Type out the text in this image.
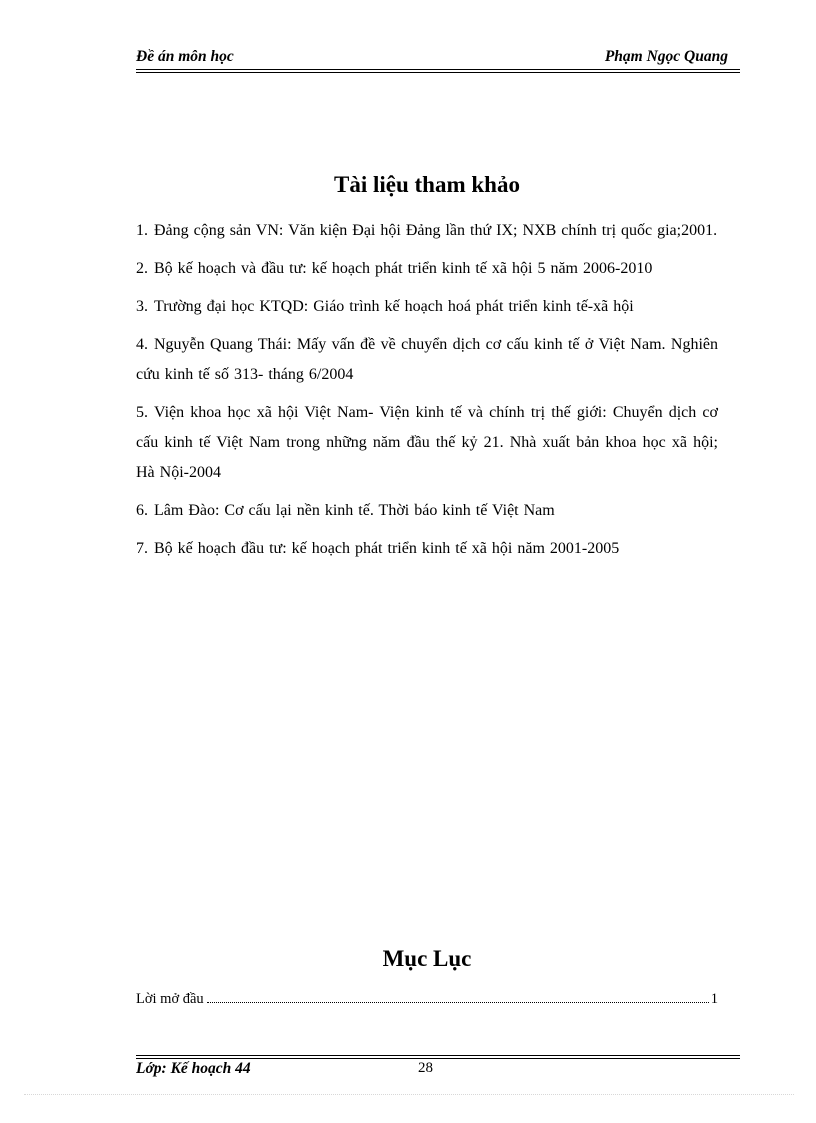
Đề án môn học	Phạm Ngọc Quang
Tài liệu tham khảo
1. Đảng cộng sản VN: Văn kiện Đại hội Đảng lần thứ IX; NXB chính trị quốc gia;2001.
2. Bộ kế hoạch và đầu tư: kế hoạch phát triển kinh tế xã hội 5 năm 2006-2010
3. Trường đại học KTQD: Giáo trình kế hoạch hoá phát triển kinh tế-xã hội
4. Nguyễn Quang Thái: Mấy vấn đề về chuyển dịch cơ cấu kinh tế ở Việt Nam. Nghiên cứu kinh tế số 313- tháng 6/2004
5. Viện khoa học xã hội Việt Nam- Viện kinh tế và chính trị thế giới: Chuyển dịch cơ cấu kinh tế Việt Nam trong những năm đầu thế kỷ 21. Nhà xuất bản khoa học xã hội; Hà Nội-2004
6. Lâm Đào: Cơ cấu lại nền kinh tế. Thời báo kinh tế Việt Nam
7. Bộ kế hoạch đầu tư: kế hoạch phát triển kinh tế xã hội năm 2001-2005
Mục Lục
Lời mở đầu	1
Lớp: Kế hoạch 44	28
